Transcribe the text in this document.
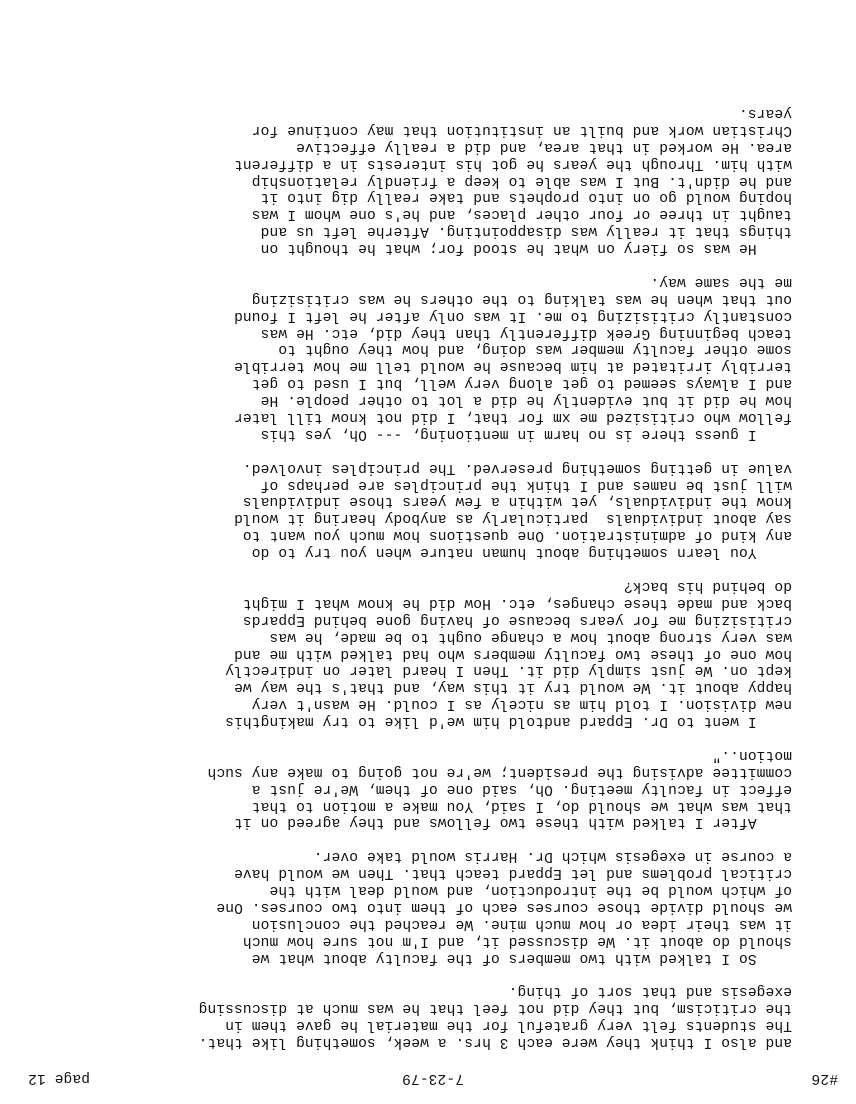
#26
7-23-79
page 12
and also I think they were each 3 hrs. a week, something like that.
The students felt very grateful for the material he gave them in
the criticism, but they did not feel that he was much at discussing
exegesis and that sort of thing.
So I talked with two members of the faculty about what we
should do about it. We discussed it, and I'm not sure how much
it was their idea or how much mine. We reached the conclusion
we should divide those courses each of them into two courses. One
of which would be the introduction, and would deal with the
critical problems and let Eppard teach that. Then we would have
a course in exegesis which Dr. Harris would take over.
After I talked with these two fellows and they agreed on it
that was what we should do, I said, You make a motion to that
effect in faculty meeting. Oh, said one of them, We're just a
committee advising the president; we're not going to make any such
motion.."
I went to Dr. Eppard andtold him we'd like to try makingthis
new division. I told him as nicely as I could. He wasn't very
happy about it. We would try it this way, and that's the way we
kept on. We just simply did it. Then I heard later on indirectly
how one of these two faculty members who had talked with me and
was very strong about how a change ought to be made, he was
critisizing me for years because of having gone behind Eppards
back and made these changes, etc. How did he know what I might
do behind his back?
You learn something about human nature when you try to do
any kind of administration. One questions how much you want to
say about individuals  particularly as anybody hearing it would
know the individuals, yet within a few years those individuals
will just be names and I think the principles are perhaps of
value in getting something preserved. The principles involved.
I guess there is no harm in mentioning, --- Oh, yes this
fellow who critisized me xm for that, I did not know till later
how he did it but evidently he did a lot to other people. He
and I always seemed to get along very well, but I used to get
terribly irritated at him because he would tell me how terrible
some other faculty member was doing, and how they ought to
teach beginning Greek differently than they did, etc. He was
constantly critisizing to me. It was only after he left I found
out that when he was talking to the others he was critisizing
me the same way.
He was so fiery on what he stood for; what he thought on
things that it really was disappointing. Afterhe left us and
taught in three or four other places, and he's one whom I was
hoping would go on into prophets and take really dig into it
and he didn't. But I was able to keep a friendly relationship
with him. Through the years he got his interests in a different
area. He worked in that area, and did a really effective
Christian work and built an institution that may continue for
years.
